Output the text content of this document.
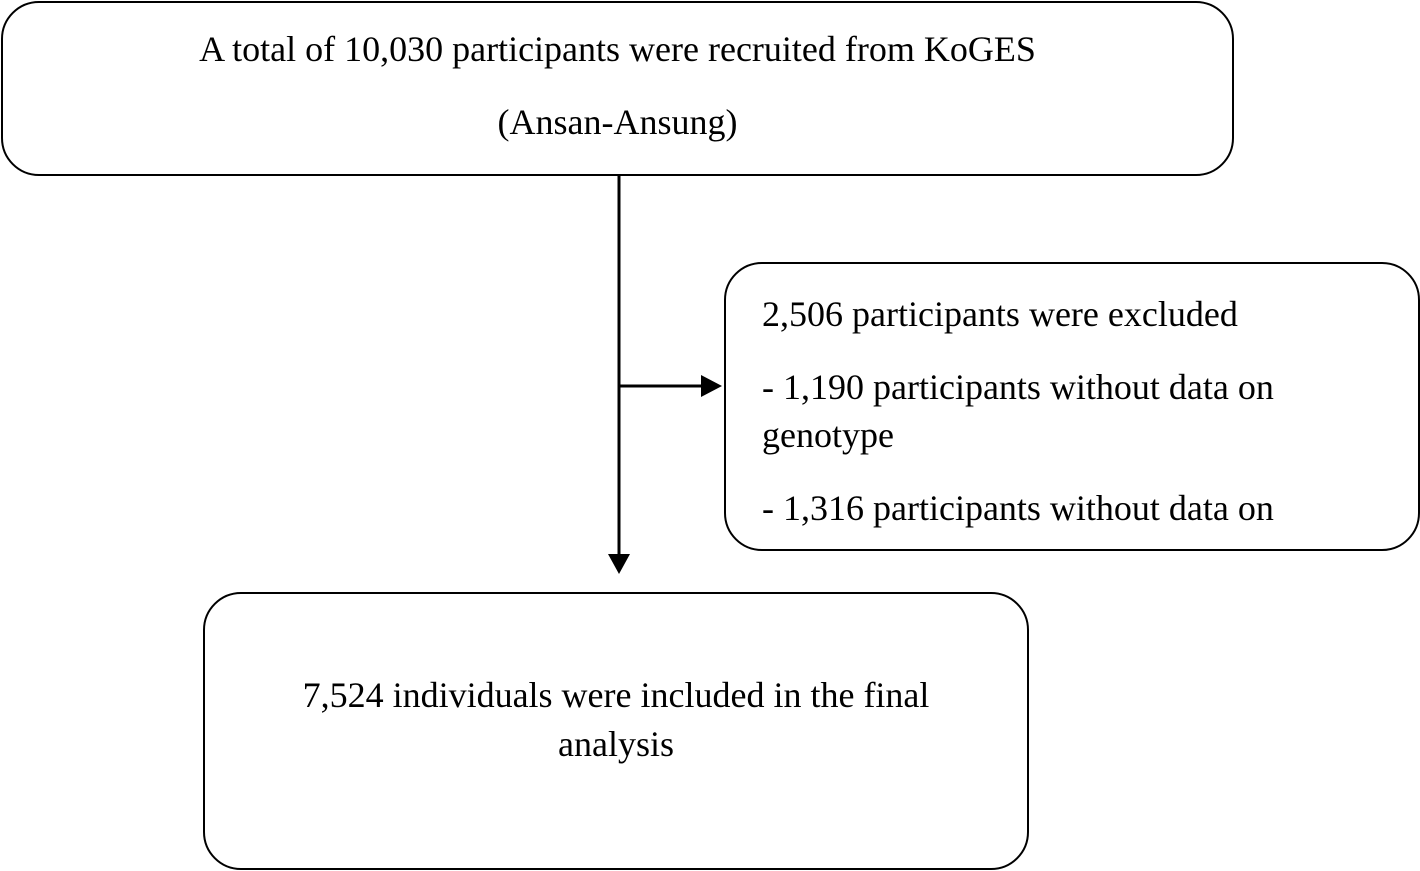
A total of 10,030 participants were recruited from KoGES
(Ansan-Ansung)
2,506 participants were excluded
- 1,190 participants without data on
genotype
- 1,316 participants without data on
7,524 individuals were included in the final
analysis
